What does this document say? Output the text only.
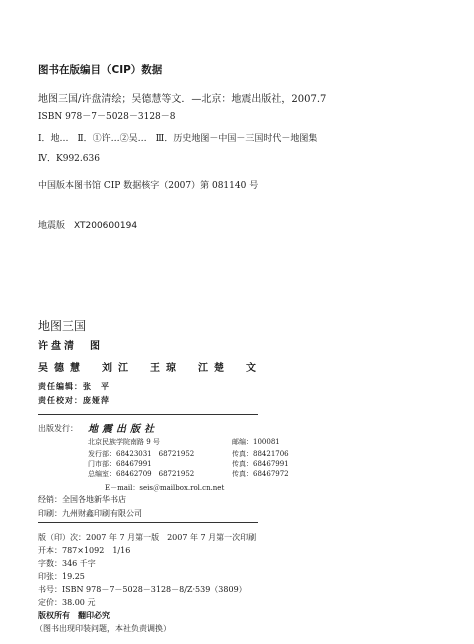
图书在版编目（CIP）数据
地图三国/许盘清绘；吴德慧等文．—北京：地震出版社，2007.7
ISBN 978－7－5028－3128－8
Ⅰ．地…　Ⅱ．①许…②吴…　Ⅲ．历史地图－中国－三国时代－地图集
Ⅳ．K992.636
中国版本图书馆 CIP 数据核字（2007）第 081140 号
地震版　XT200600194
地图三国
许盘清　图
吴德慧　刘江　王琼　江楚　文
责任编辑：张　平
责任校对：庞娅萍
出版发行： 地震出版社
北京民族学院南路 9 号	邮编：100081
发行部：68423031　68721952
门市部：68467991
总编室：68462709　68721952
传真：88421706
传真：68467991
传真：68467972
E－mail：seis＠mailbox.rol.cn.net
经销：全国各地新华书店
印刷：九州财鑫印刷有限公司
版（印）次：2007 年 7 月第一版　2007 年 7 月第一次印刷
开本：787×1092　1/16
字数：346 千字
印张：19.25
书号：ISBN 978－7－5028－3128－8/Z·539（3809）
定价：38.00 元
版权所有　翻印必究
（图书出现印装问题，本社负责调换）
